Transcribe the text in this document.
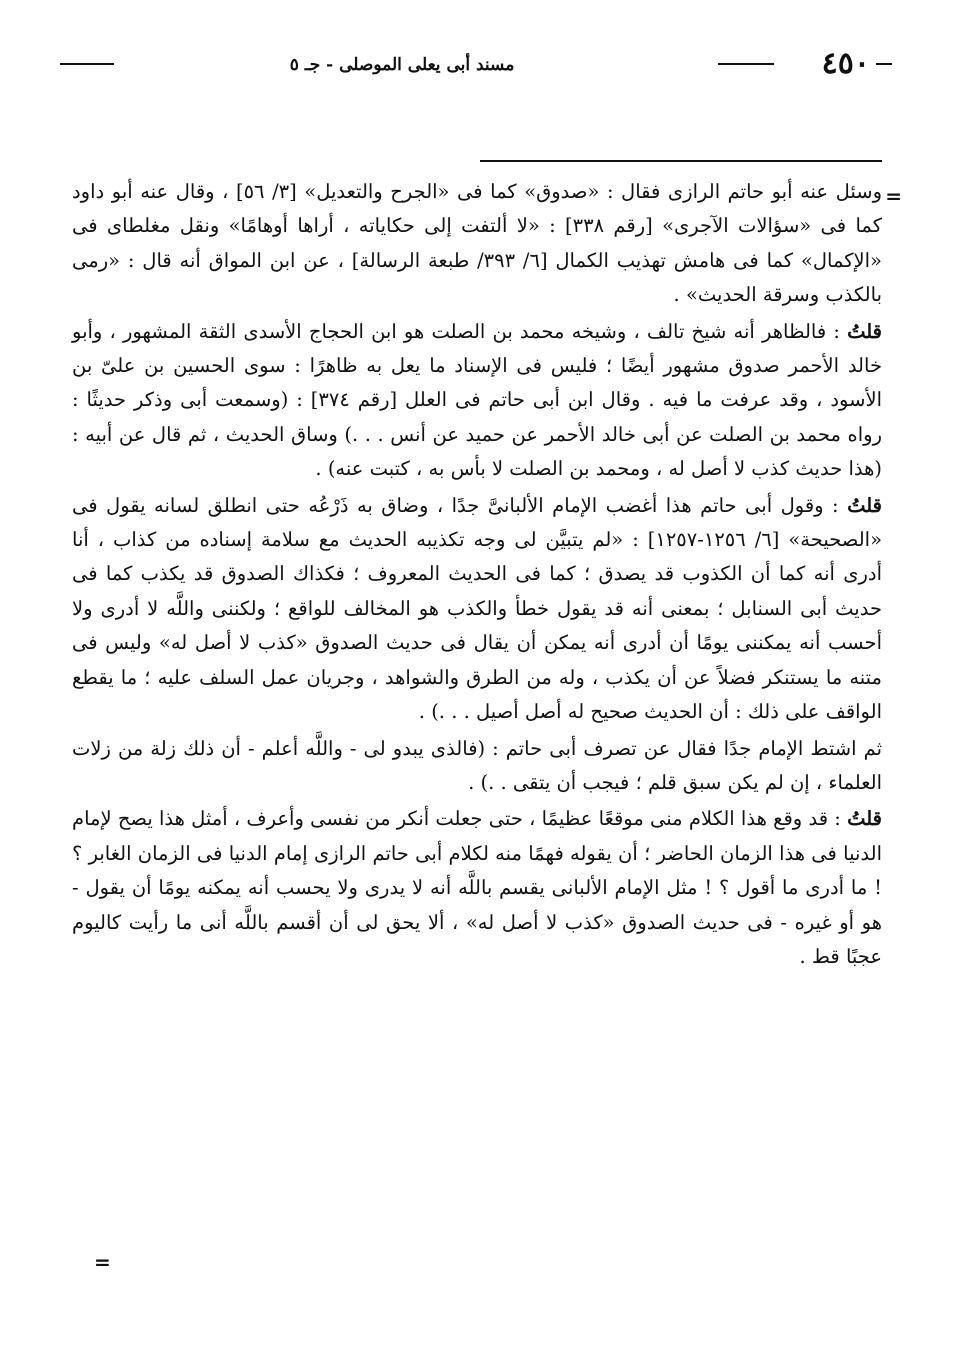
٤٥٠
مسند أبى يعلى الموصلى - جـ ٥
=

وسئل عنه أبو حاتم الرازى فقال : «صدوق» كما فى «الجرح والتعديل» [٣/ ٥٦] ، وقال عنه أبو داود كما فى «سؤالات الآجرى» [رقم ٣٣٨] : «لا ألتفت إلى حكاياته ، أراها أوهامًا» ونقل مغلطاى فى «الإكمال» كما فى هامش تهذيب الكمال [٦/ ٣٩٣/ طبعة الرسالة] ، عن ابن المواق أنه قال : «رمى بالكذب وسرقة الحديث» .

قلتُ : فالظاهر أنه شيخ تالف ، وشيخه محمد بن الصلت هو ابن الحجاج الأسدى الثقة المشهور ، وأبو خالد الأحمر صدوق مشهور أيضًا ؛ فليس فى الإسناد ما يعل به ظاهرًا : سوى الحسين بن علىّ بن الأسود ، وقد عرفت ما فيه . وقال ابن أبى حاتم فى العلل [رقم ٣٧٤] : (وسمعت أبى وذكر حديثًا : رواه محمد بن الصلت عن أبى خالد الأحمر عن حميد عن أنس . . .) وساق الحديث ، ثم قال عن أبيه : (هذا حديث كذب لا أصل له ، ومحمد بن الصلت لا بأس به ، كتبت عنه) .

قلتُ : وقول أبى حاتم هذا أغضب الإمام الألبانىَّ جدًا ، وضاق به ذَرْعُه حتى انطلق لسانه يقول فى «الصحيحة» [٦/ ١٢٥٦-١٢٥٧] : «لم يتبيَّن لى وجه تكذيبه الحديث مع سلامة إسناده من كذاب ، أنا أدرى أنه كما أن الكذوب قد يصدق ؛ كما فى الحديث المعروف ؛ فكذاك الصدوق قد يكذب كما فى حديث أبى السنابل ؛ بمعنى أنه قد يقول خطأ والكذب هو المخالف للواقع ؛ ولكننى واللَّه لا أدرى ولا أحسب أنه يمكننى يومًا أن أدرى أنه يمكن أن يقال فى حديث الصدوق «كذب لا أصل له» وليس فى متنه ما يستنكر فضلاً عن أن يكذب ، وله من الطرق والشواهد ، وجريان عمل السلف عليه ؛ ما يقطع الواقف على ذلك : أن الحديث صحيح له أصل أصيل . . .) .

ثم اشتط الإمام جدًا فقال عن تصرف أبى حاتم : (فالذى يبدو لى - واللَّه أعلم - أن ذلك زلة من زلات العلماء ، إن لم يكن سبق قلم ؛ فيجب أن يتقى . .) .

قلتُ : قد وقع هذا الكلام منى موقعًا عظيمًا ، حتى جعلت أنكر من نفسى وأعرف ، أمثل هذا يصح لإمام الدنيا فى هذا الزمان الحاضر ؛ أن يقوله فهمًا منه لكلام أبى حاتم الرازى إمام الدنيا فى الزمان الغابر ؟ ! ما أدرى ما أقول ؟ ! مثل الإمام الألبانى يقسم باللَّه أنه لا يدرى ولا يحسب أنه يمكنه يومًا أن يقول - هو أو غيره - فى حديث الصدوق «كذب لا أصل له» ، ألا يحق لى أن أقسم باللَّه أنى ما رأيت كاليوم عجبًا قط .

=
